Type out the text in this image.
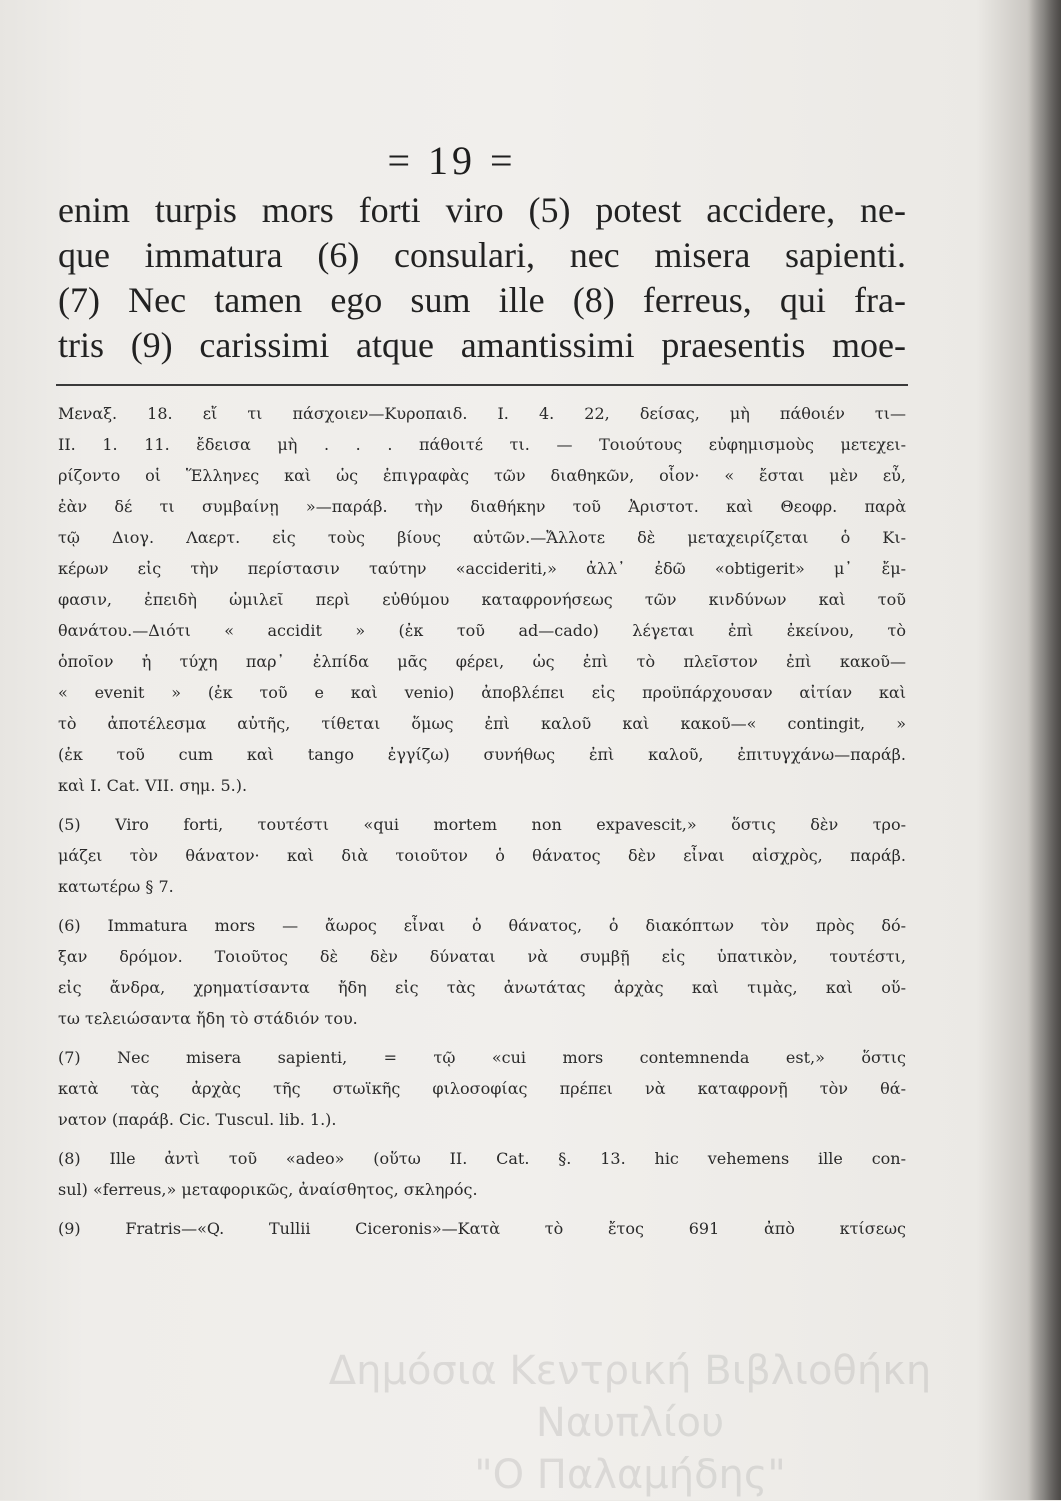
= 19 =
enim turpis mors forti viro (5) potest accidere, ne-
que immatura (6) consulari, nec misera sapienti.
(7) Nec tamen ego sum ille (8) ferreus, qui fra-
tris (9) carissimi atque amantissimi praesentis moe-
Μεναξ. 18. εἴ τι πάσχοιεν—Κυροπαιδ. Ι. 4. 22, δείσας, μὴ πάθοιέν τι—
ΙΙ. 1. 11. ἔδεισα μὴ . . . πάθοιτέ τι. — Τοιούτους εὐφημισμοὺς μετεχει-
ρίζοντο οἱ Ἕλληνες καὶ ὡς ἐπιγραφὰς τῶν διαθηκῶν, οἷον· « ἔσται μὲν εὖ,
ἐὰν δέ τι συμβαίνῃ »—παράβ. τὴν διαθήκην τοῦ Ἀριστοτ. καὶ Θεοφρ. παρὰ
τῷ Διογ. Λαερτ. εἰς τοὺς βίους αὐτῶν.—Ἄλλοτε δὲ μεταχειρίζεται ὁ Κι-
κέρων εἰς τὴν περίστασιν ταύτην «accideriti,» ἀλλ᾽ ἐδῶ «obtigerit» μ᾽ ἔμ-
φασιν, ἐπειδὴ ὡμιλεῖ περὶ εὐθύμου καταφρονήσεως τῶν κινδύνων καὶ τοῦ
θανάτου.—Διότι « accidit » (ἐκ τοῦ ad—cado) λέγεται ἐπὶ ἐκείνου, τὸ
ὁποῖον ἡ τύχη παρ᾽ ἐλπίδα μᾶς φέρει, ὡς ἐπὶ τὸ πλεῖστον ἐπὶ κακοῦ—
« evenit » (ἐκ τοῦ e καὶ venio) ἀποβλέπει εἰς προϋπάρχουσαν αἰτίαν καὶ
τὸ ἀποτέλεσμα αὐτῆς, τίθεται ὅμως ἐπὶ καλοῦ καὶ κακοῦ—« contingit, »
(ἐκ τοῦ cum καὶ tango ἐγγίζω) συνήθως ἐπὶ καλοῦ, ἐπιτυγχάνω—παράβ.
καὶ Ι. Cat. VII. σημ. 5.).
(5) Viro forti, τουτέστι «qui mortem non expavescit,» ὅστις δὲν τρο-
μάζει τὸν θάνατον· καὶ διὰ τοιοῦτον ὁ θάνατος δὲν εἶναι αἰσχρὸς, παράβ.
κατωτέρω § 7.
(6) Immatura mors — ἄωρος εἶναι ὁ θάνατος, ὁ διακόπτων τὸν πρὸς δό-
ξαν δρόμον. Τοιοῦτος δὲ δὲν δύναται νὰ συμβῇ εἰς ὑπατικὸν, τουτέστι,
εἰς ἄνδρα, χρηματίσαντα ἤδη εἰς τὰς ἀνωτάτας ἀρχὰς καὶ τιμὰς, καὶ οὕ-
τω τελειώσαντα ἤδη τὸ στάδιόν του.
(7) Nec misera sapienti, = τῷ «cui mors contemnenda est,» ὅστις
κατὰ τὰς ἀρχὰς τῆς στωϊκῆς φιλοσοφίας πρέπει νὰ καταφρονῇ τὸν θά-
νατον (παράβ. Cic. Tuscul. lib. 1.).
(8) Ille ἀντὶ τοῦ «adeo» (οὕτω ΙΙ. Cat. §. 13. hic vehemens ille con-
sul) «ferreus,» μεταφορικῶς, ἀναίσθητος, σκληρός.
(9) Fratris—«Q. Tullii Ciceronis»—Κατὰ τὸ ἔτος 691 ἀπὸ κτίσεως
Δημόσια Κεντρική Βιβλιοθήκη Ναυπλίου
"Ο Παλαμήδης"
